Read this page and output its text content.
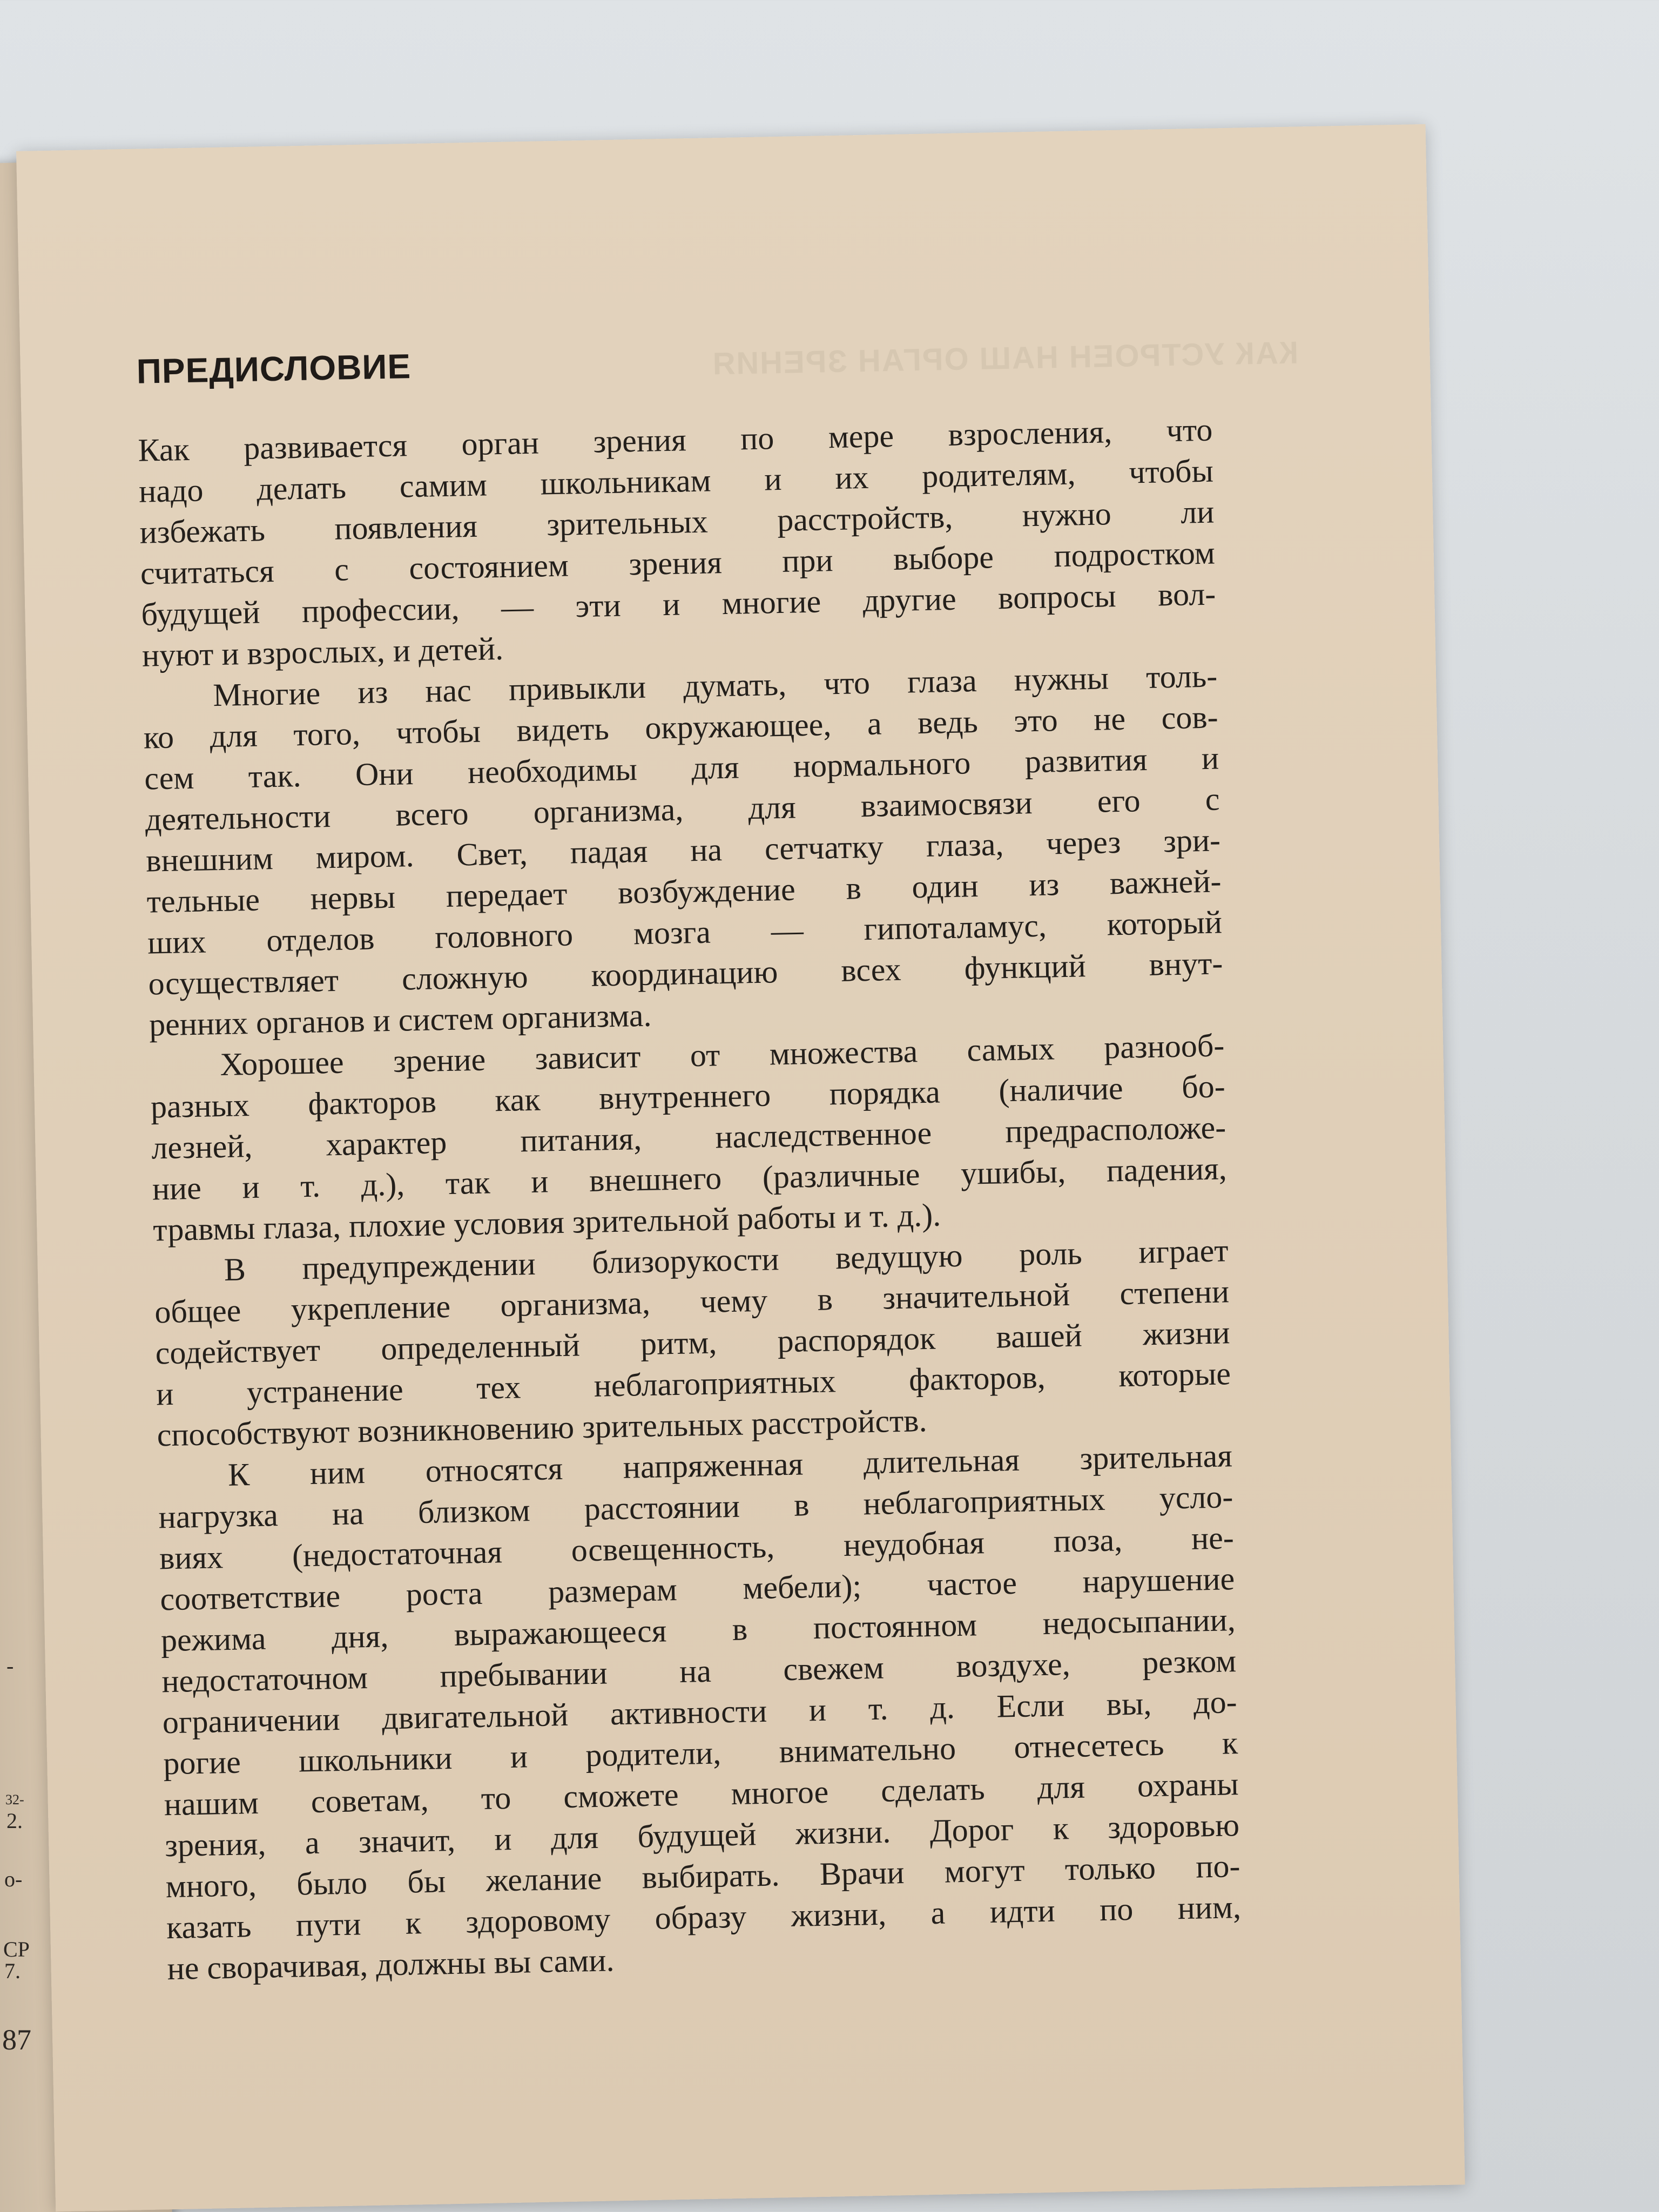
-
32-
2.
о-
СР
7.
87
КАК УСТРОЕН НАШ ОРГАН ЗРЕНИЯ
ПРЕДИСЛОВИЕ
Как развивается орган зрения по мере взросления, что
надо делать самим школьникам и их родителям, чтобы
избежать появления зрительных расстройств, нужно ли
считаться с состоянием зрения при выборе подростком
будущей профессии, — эти и многие другие вопросы вол-
нуют и взрослых, и детей.
Многие из нас привыкли думать, что глаза нужны толь-
ко для того, чтобы видеть окружающее, а ведь это не сов-
сем так. Они необходимы для нормального развития и
деятельности всего организма, для взаимосвязи его с
внешним миром. Свет, падая на сетчатку глаза, через зри-
тельные нервы передает возбуждение в один из важней-
ших отделов головного мозга — гипоталамус, который
осуществляет сложную координацию всех функций внут-
ренних органов и систем организма.
Хорошее зрение зависит от множества самых разнооб-
разных факторов как внутреннего порядка (наличие бо-
лезней, характер питания, наследственное предрасположе-
ние и т. д.), так и внешнего (различные ушибы, падения,
травмы глаза, плохие условия зрительной работы и т. д.).
В предупреждении близорукости ведущую роль играет
общее укрепление организма, чему в значительной степени
содействует определенный ритм, распорядок вашей жизни
и устранение тех неблагоприятных факторов, которые
способствуют возникновению зрительных расстройств.
К ним относятся напряженная длительная зрительная
нагрузка на близком расстоянии в неблагоприятных усло-
виях (недостаточная освещенность, неудобная поза, не-
соответствие роста размерам мебели); частое нарушение
режима дня, выражающееся в постоянном недосыпании,
недостаточном пребывании на свежем воздухе, резком
ограничении двигательной активности и т. д. Если вы, до-
рогие школьники и родители, внимательно отнесетесь к
нашим советам, то сможете многое сделать для охраны
зрения, а значит, и для будущей жизни. Дорог к здоровью
много, было бы желание выбирать. Врачи могут только по-
казать пути к здоровому образу жизни, а идти по ним,
не сворачивая, должны вы сами.
